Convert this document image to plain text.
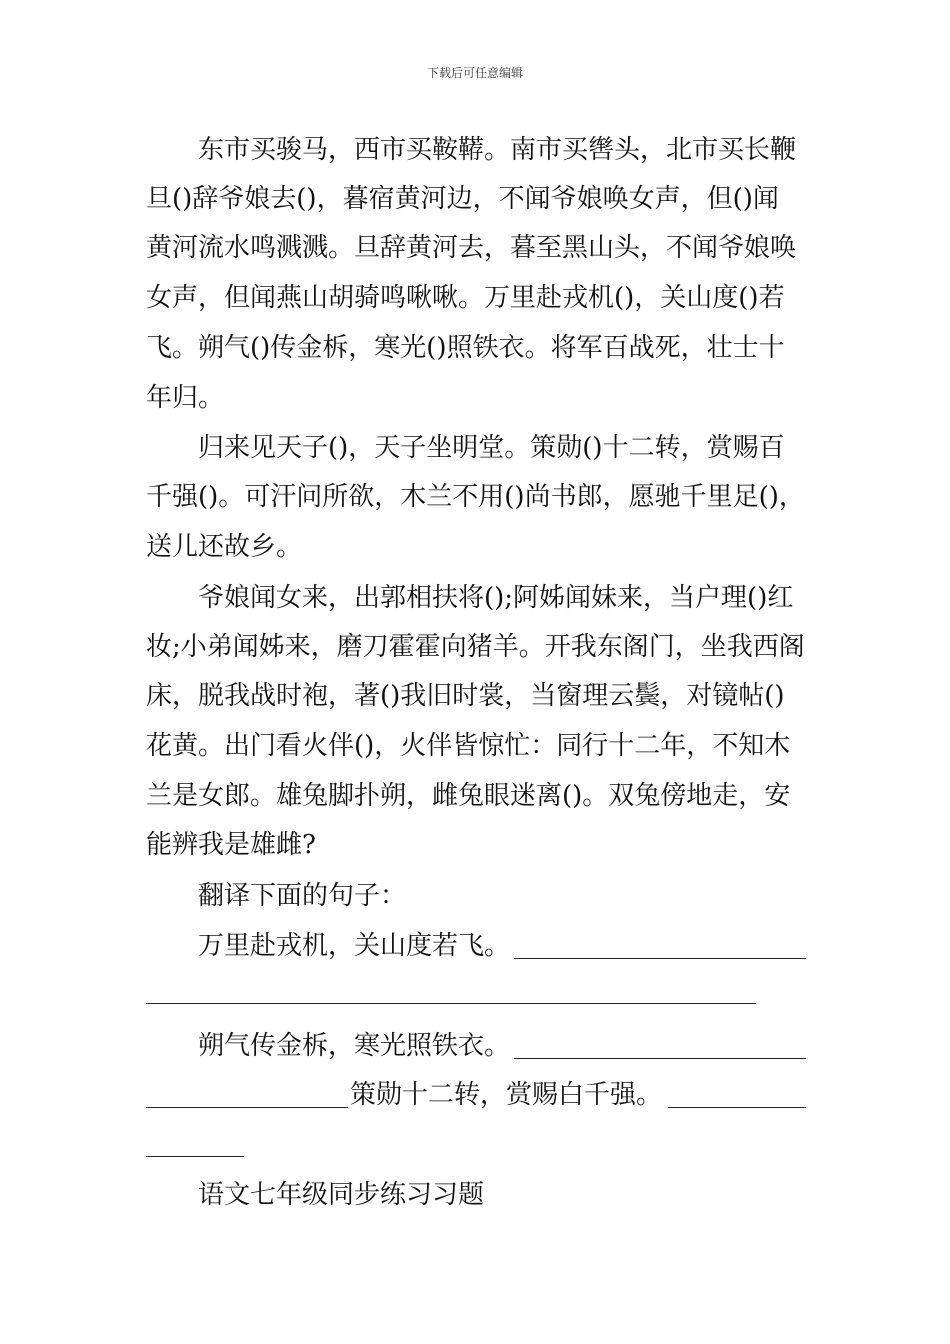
下载后可任意编辑
东市买骏马，西市买鞍鞯。南市买辔头，北市买长鞭
旦()辞爷娘去()，暮宿黄河边，不闻爷娘唤女声，但()闻
黄河流水鸣溅溅。旦辞黄河去，暮至黑山头，不闻爷娘唤
女声，但闻燕山胡骑鸣啾啾。万里赴戎机()，关山度()若
飞。朔气()传金柝，寒光()照铁衣。将军百战死，壮士十
年归。
归来见天子()，天子坐明堂。策勋()十二转，赏赐百
千强()。可汗问所欲，木兰不用()尚书郎，愿驰千里足()，
送儿还故乡。
爷娘闻女来，出郭相扶将();阿姊闻妹来，当户理()红
妆;小弟闻姊来，磨刀霍霍向猪羊。开我东阁门，坐我西阁
床，脱我战时袍，著()我旧时裳，当窗理云鬓，对镜帖()
花黄。出门看火伴()，火伴皆惊忙：同行十二年，不知木
兰是女郎。雄兔脚扑朔，雌兔眼迷离()。双兔傍地走，安
能辨我是雄雌?
翻译下面的句子：
万里赴戎机，关山度若飞。
朔气传金柝，寒光照铁衣。
策勋十二转，赏赐白千强。
语文七年级同步练习习题
